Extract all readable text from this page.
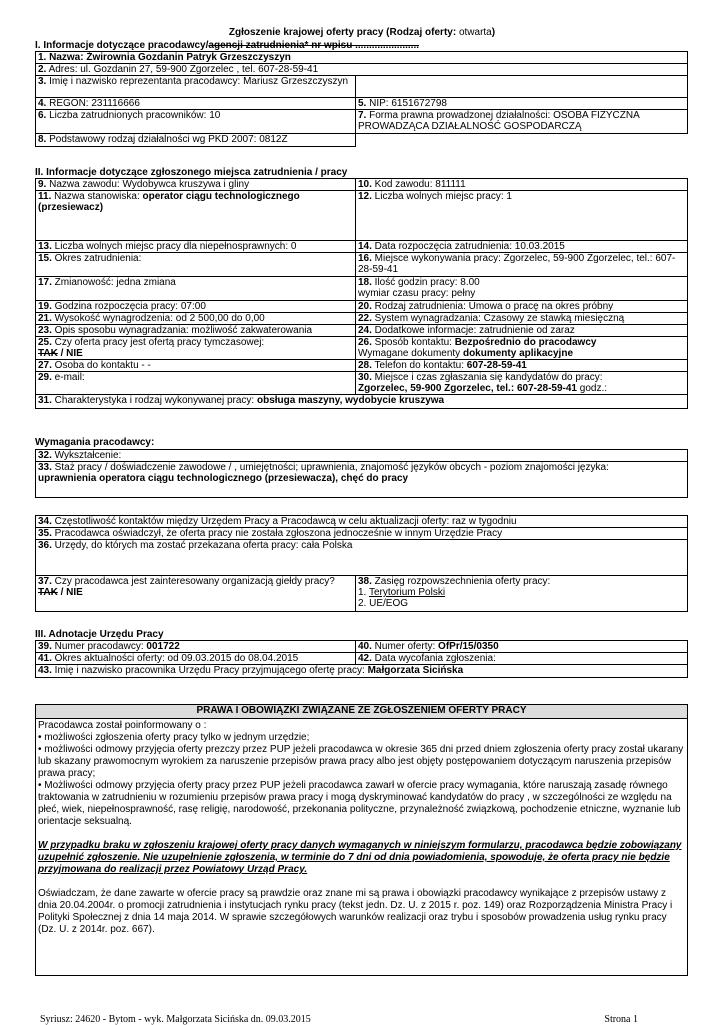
Zgłoszenie krajowej oferty pracy (Rodzaj oferty: otwarta)
I. Informacje dotyczące pracodawcy/agencji zatrudnienia* nr wpisu .......................
1. Nazwa: Żwirownia Gozdanin Patryk Grzeszczyszyn	
2. Adres: ul. Gozdanin 27, 59-900 Zgorzelec , tel. 607-28-59-41	
3. Imię i nazwisko reprezentanta pracodawcy: Mariusz Grzeszczyszyn	
4. REGON: 231116666	5. NIP: 6151672798
6. Liczba zatrudnionych pracowników: 10	7. Forma prawna prowadzonej działalności: OSOBA FIZYCZNA PROWADZĄCA DZIAŁALNOŚĆ GOSPODARCZĄ
8. Podstawowy rodzaj działalności wg PKD 2007: 0812Z	
II. Informacje dotyczące zgłoszonego miejsca zatrudnienia / pracy
9. Nazwa zawodu: Wydobywca kruszywa i gliny	10. Kod zawodu: 811111
11. Nazwa stanowiska: operator ciągu technologicznego (przesiewacz)	12. Liczba wolnych miejsc pracy: 1
13. Liczba wolnych miejsc pracy dla niepełnosprawnych: 0	14. Data rozpoczęcia zatrudnienia: 10.03.2015
15. Okres zatrudnienia:	16. Miejsce wykonywania pracy: Zgorzelec, 59-900 Zgorzelec, tel.: 607-28-59-41
17. Zmianowość: jedna zmiana	18. Ilość godzin pracy: 8.00
wymiar czasu pracy: pełny
19. Godzina rozpoczęcia pracy: 07:00	20. Rodzaj zatrudnienia: Umowa o pracę na okres próbny
21. Wysokość wynagrodzenia: od 2 500,00 do 0,00	22. System wynagradzania: Czasowy ze stawką miesięczną
23. Opis sposobu wynagradzania: możliwość zakwaterowania	24. Dodatkowe informacje: zatrudnienie od zaraz
25. Czy oferta pracy jest ofertą pracy tymczasowej:
TAK / NIE	26. Sposób kontaktu: Bezpośrednio do pracodawcy
Wymagane dokumenty dokumenty aplikacyjne
27. Osoba do kontaktu - -	28. Telefon do kontaktu: 607-28-59-41
29. e-mail:	30. Miejsce i czas zgłaszania się kandydatów do pracy:
Zgorzelec, 59-900 Zgorzelec, tel.: 607-28-59-41 godz.:
31. Charakterystyka i rodzaj wykonywanej pracy: obsługa maszyny, wydobycie kruszywa	
Wymagania pracodawcy:
32. Wykształcenie:
33. Staż pracy / doświadczenie zawodowe / , umiejętności; uprawnienia, znajomość języków obcych - poziom znajomości języka:
uprawnienia operatora ciągu technologicznego (przesiewacza), chęć do pracy
34. Częstotliwość kontaktów między Urzędem Pracy a Pracodawcą w celu aktualizacji oferty: raz w tygodniu
35. Pracodawca oświadczył, że oferta pracy nie została zgłoszona jednocześnie w innym Urzędzie Pracy
36. Urzędy, do których ma zostać przekazana oferta pracy: cała Polska
37. Czy pracodawca jest zainteresowany organizacją giełdy pracy?
TAK / NIE	38. Zasięg rozpowszechnienia oferty pracy:
1. Terytorium Polski
2. UE/EOG
III. Adnotacje Urzędu Pracy
39. Numer pracodawcy: 001722	40. Numer oferty: OfPr/15/0350
41. Okres aktualności oferty: od 09.03.2015 do 08.04.2015	42. Data wycofania zgłoszenia:
43. Imię i nazwisko pracownika Urzędu Pracy przyjmującego ofertę pracy: Małgorzata Sicińska	
PRAWA I OBOWIĄZKI ZWIĄZANE ZE ZGŁOSZENIEM OFERTY PRACY

Pracodawca został poinformowany o :

• możliwości zgłoszenia oferty pracy tylko w jednym urzędzie;

• możliwości odmowy przyjęcia oferty prezczy przez PUP jeżeli pracodawca w okresie 365 dni przed dniem zgłoszenia oferty pracy został ukarany lub skazany prawomocnym wyrokiem za naruszenie przepisów prawa pracy albo jest objęty postępowaniem dotyczącym naruszenia przepisów prawa pracy;

• Możliwości odmowy przyjęcia oferty pracy przez PUP jeżeli pracodawca zawarł w ofercie pracy wymagania, które naruszają zasadę równego traktowania w zatrudnieniu w rozumieniu przepisów prawa pracy i mogą dyskryminować kandydatów do pracy , w szczególności ze względu na płeć, wiek, niepełnosprawność, rasę religię, narodowość, przekonania polityczne, przynależność związkową, pochodzenie etniczne, wyznanie lub orientacje seksualną.

W przypadku braku w zgłoszeniu krajowej oferty pracy danych wymaganych w niniejszym formularzu, pracodawca będzie zobowiązany uzupełnić zgłoszenie. Nie uzupełnienie zgłoszenia, w terminie do 7 dni od dnia powiadomienia, spowoduje, że oferta pracy nie będzie przyjmowana do realizacji przez Powiatowy Urząd Pracy.

Oświadczam, że dane zawarte w ofercie pracy są prawdzie oraz znane mi są prawa i obowiązki pracodawcy wynikające z przepisów ustawy z dnia 20.04.2004r. o promocji zatrudnienia i instytucjach rynku pracy (tekst jedn. Dz. U. z 2015 r. poz. 149) oraz Rozporządzenia Ministra Pracy i Polityki Społecznej z dnia 14 maja 2014. W sprawie szczegółowych warunków realizacji oraz trybu i sposobów prowadzenia usług rynku pracy (Dz. U. z 2014r. poz. 667).

Syriusz: 24620 - Bytom - wyk. Małgorzata Sicińska dn. 09.03.2015	Strona 1
